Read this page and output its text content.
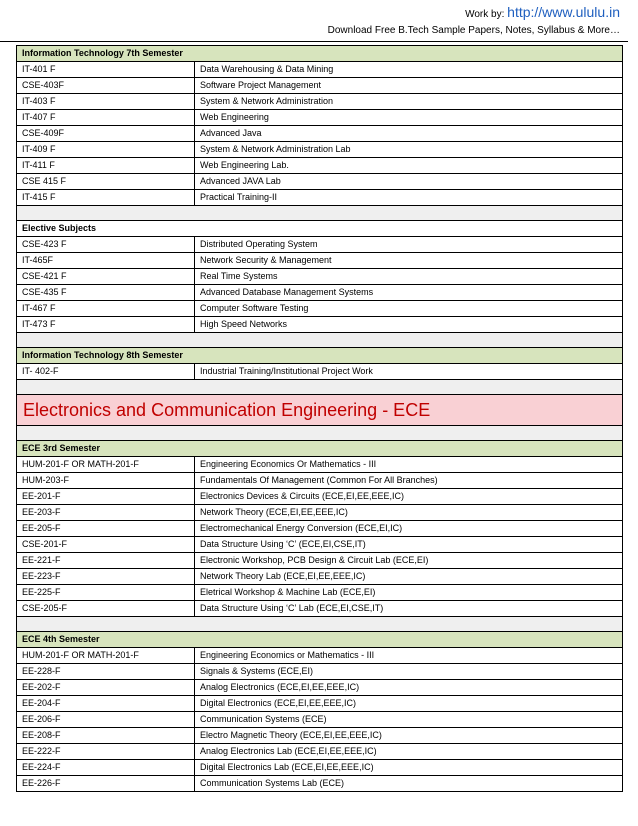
Work by: http://www.ululu.in
Download Free B.Tech Sample Papers, Notes, Syllabus & More…
Information Technology 7th Semester	
IT-401 F	Data Warehousing & Data Mining
CSE-403F	Software Project Management
IT-403 F	System & Network Administration
IT-407 F	Web Engineering
CSE-409F	Advanced Java
IT-409 F	System & Network Administration Lab
IT-411 F	Web Engineering Lab.
CSE 415 F	Advanced JAVA Lab
IT-415 F	Practical Training-II

Elective Subjects	
CSE-423 F	Distributed Operating System
IT-465F	Network Security & Management
CSE-421 F	Real Time Systems
CSE-435 F	Advanced Database Management Systems
IT-467 F	Computer Software Testing
IT-473 F	High Speed Networks

Information Technology 8th Semester	
IT- 402-F	Industrial Training/Institutional Project Work

Electronics and Communication Engineering - ECE	

ECE 3rd Semester	
HUM-201-F OR MATH-201-F	Engineering Economics Or Mathematics - III
HUM-203-F	Fundamentals Of Management (Common For All Branches)
EE-201-F	Electronics Devices & Circuits (ECE,EI,EE,EEE,IC)
EE-203-F	Network Theory (ECE,EI,EE,EEE,IC)
EE-205-F	Electromechanical Energy Conversion (ECE,EI,IC)
CSE-201-F	Data Structure Using ‘C’ (ECE,EI,CSE,IT)
EE-221-F	Electronic Workshop, PCB Design & Circuit Lab (ECE,EI)
EE-223-F	Network Theory Lab (ECE,EI,EE,EEE,IC)
EE-225-F	Eletrical Workshop & Machine Lab (ECE,EI)
CSE-205-F	Data Structure Using ‘C’ Lab (ECE,EI,CSE,IT)

ECE 4th Semester	
HUM-201-F OR MATH-201-F	Engineering Economics or Mathematics - III
EE-228-F	Signals & Systems (ECE,EI)
EE-202-F	Analog Electronics (ECE,EI,EE,EEE,IC)
EE-204-F	Digital Electronics (ECE,EI,EE,EEE,IC)
EE-206-F	Communication Systems (ECE)
EE-208-F	Electro Magnetic Theory (ECE,EI,EE,EEE,IC)
EE-222-F	Analog Electronics Lab (ECE,EI,EE,EEE,IC)
EE-224-F	Digital Electronics Lab (ECE,EI,EE,EEE,IC)
EE-226-F	Communication Systems Lab (ECE)
